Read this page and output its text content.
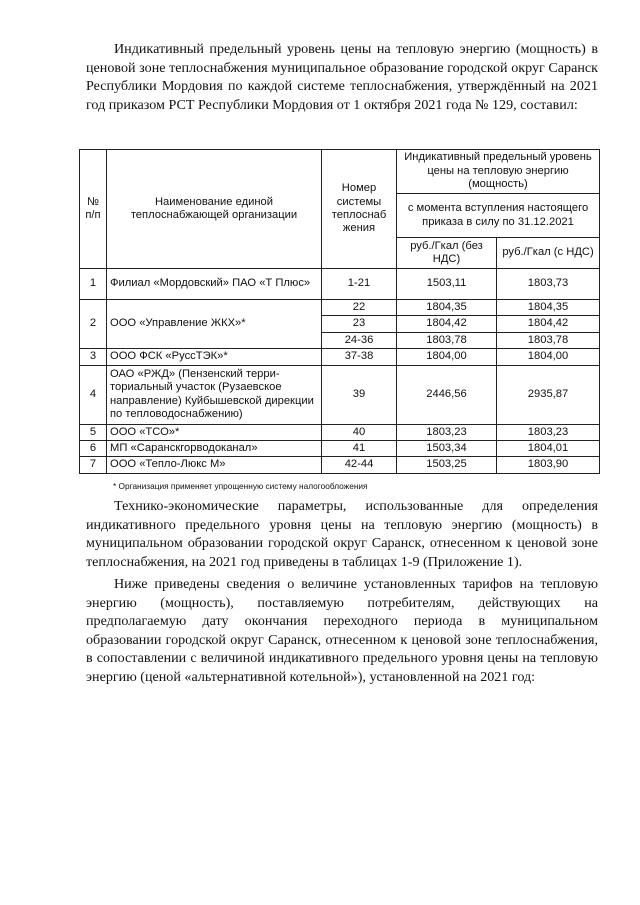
Индикативный предельный уровень цены на тепловую энергию (мощность) в ценовой зоне теплоснабжения муниципальное образование городской округ Саранск Республики Мордовия по каждой системе теплоснабжения, утверждённый на 2021 год приказом РСТ Республики Мордовия от 1 октября 2021 года № 129, составил:

№ п/п	Наименование единой теплоснабжающей организации	Номер системы теплоснаб жения	Индикативный предельный уровень цены на тепловую энергию (мощность)	
			с момента вступления настоящего приказа в силу по 31.12.2021	
			руб./Гкал (без НДС)	руб./Гкал (с НДС)
1	Филиал «Мордовский» ПАО «Т Плюс»	1-21	1503,11	1803,73
2	ООО «Управление ЖКХ»*	22	1804,35	1804,35
		23	1804,42	1804,42
		24-36	1803,78	1803,78
3	ООО ФСК «РуссТЭК»*	37-38	1804,00	1804,00
4	ОАО «РЖД» (Пензенский терри-ториальный участок (Рузаевское направление) Куйбышевской дирекции по тепловодоснабжению)	39	2446,56	2935,87
5	ООО «ТСО»*	40	1803,23	1803,23
6	МП «Саранскгорводоканал»	41	1503,34	1804,01
7	ООО «Тепло-Люкс М»	42-44	1503,25	1803,90
* Организация применяет упрощенную систему налогообложения

Технико-экономические параметры, использованные для определения индикативного предельного уровня цены на тепловую энергию (мощность) в муниципальном образовании городской округ Саранск, отнесенном к ценовой зоне теплоснабжения, на 2021 год приведены в таблицах 1-9 (Приложение 1).

Ниже приведены сведения о величине установленных тарифов на тепловую энергию (мощность), поставляемую потребителям, действующих на предполагаемую дату окончания переходного периода в муниципальном образовании городской округ Саранск, отнесенном к ценовой зоне теплоснабжения, в сопоставлении с величиной индикативного предельного уровня цены на тепловую энергию (ценой «альтернативной котельной»), установленной на 2021 год:
